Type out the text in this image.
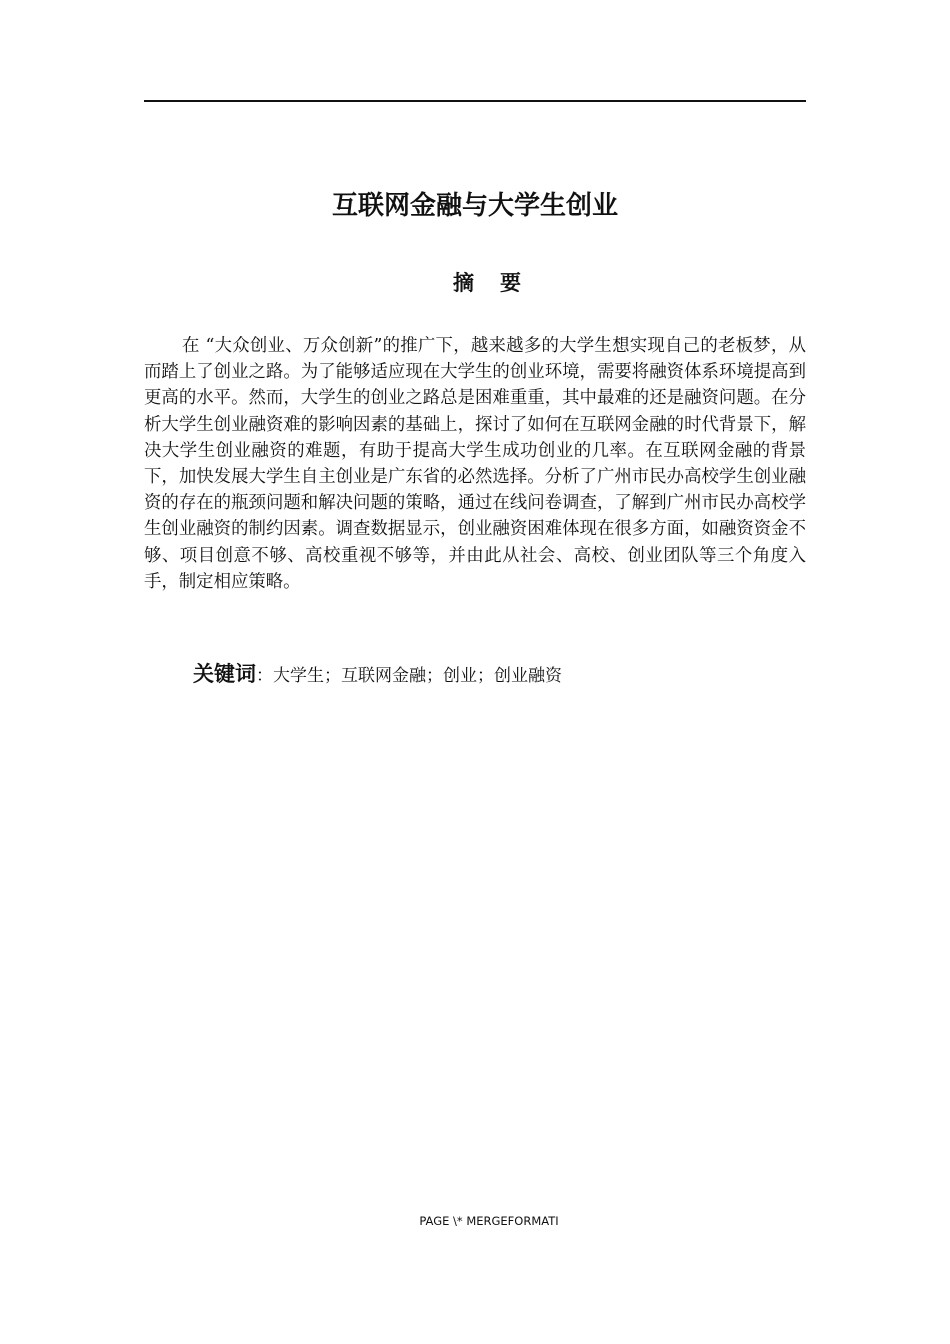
互联网金融与大学生创业
摘要

在 “大众创业、万众创新”的推广下，越来越多的大学生想实现自己的老板梦，从而踏上了创业之路。为了能够适应现在大学生的创业环境，需要将融资体系环境提高到更高的水平。然而，大学生的创业之路总是困难重重，其中最难的还是融资问题。在分析大学生创业融资难的影响因素的基础上，探讨了如何在互联网金融的时代背景下，解决大学生创业融资的难题，有助于提高大学生成功创业的几率。在互联网金融的背景下，加快发展大学生自主创业是广东省的必然选择。分析了广州市民办高校学生创业融资的存在的瓶颈问题和解决问题的策略，通过在线问卷调查，了解到广州市民办高校学生创业融资的制约因素。调查数据显示，创业融资困难体现在很多方面，如融资资金不够、项目创意不够、高校重视不够等，并由此从社会、高校、创业团队等三个角度入手，制定相应策略。

关键词：大学生；互联网金融；创业；创业融资

PAGE \* MERGEFORMATI
